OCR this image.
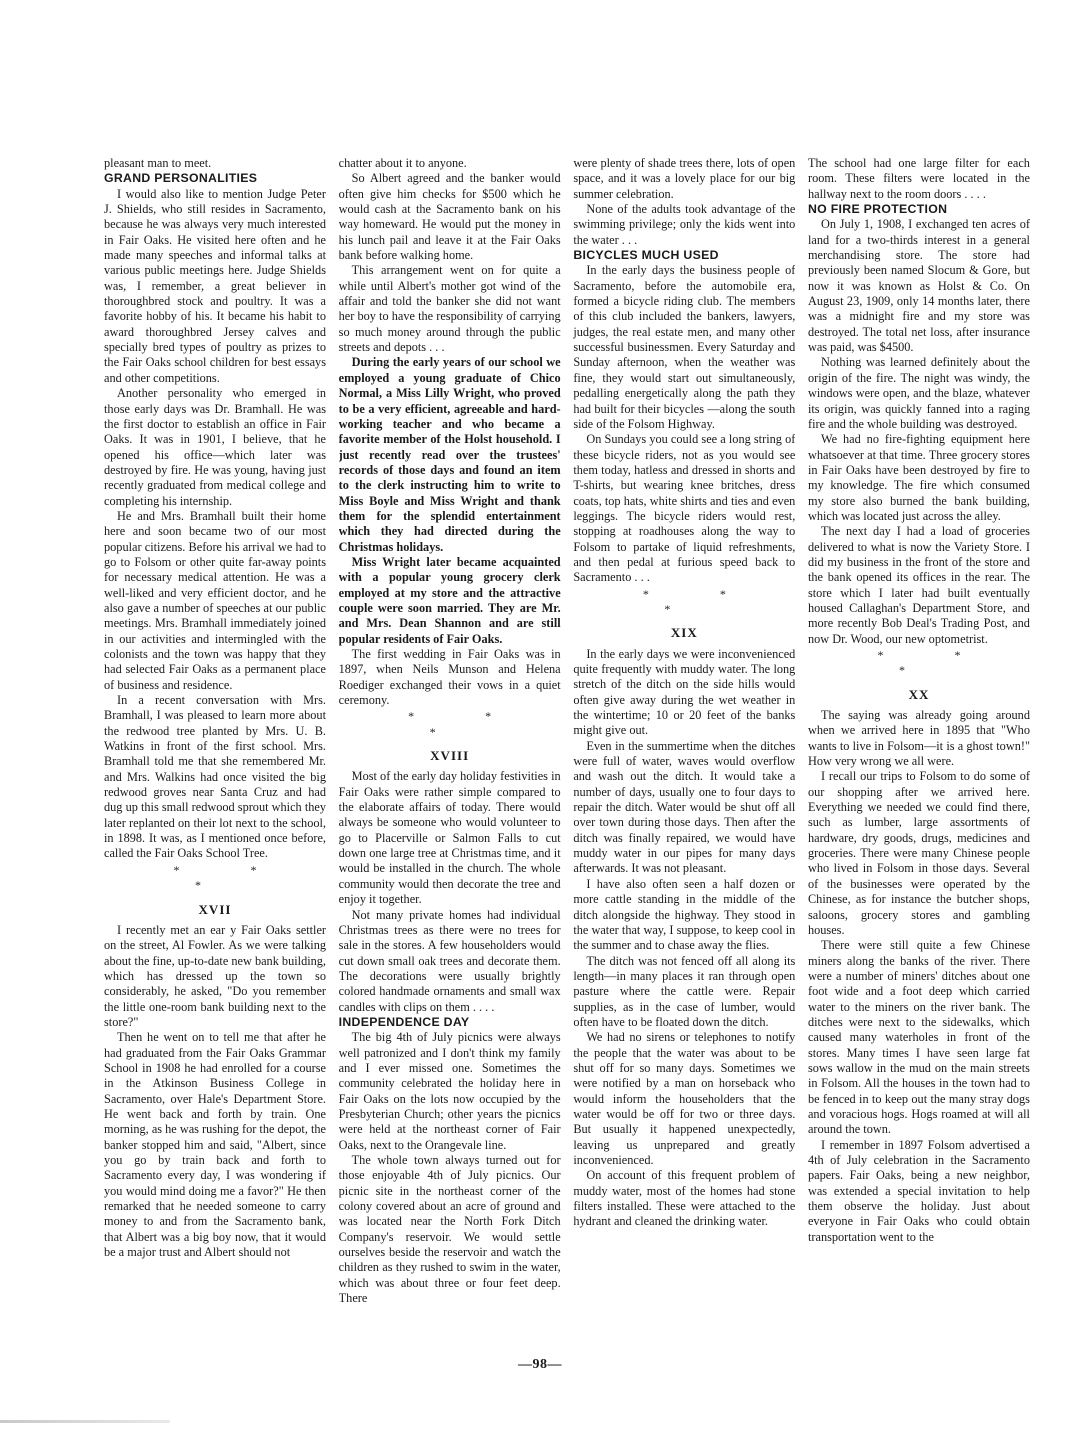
pleasant man to meet.

GRAND PERSONALITIES

I would also like to mention Judge Peter J. Shields, who still resides in Sacramento, because he was always very much interested in Fair Oaks. He visited here often and he made many speeches and informal talks at various public meetings here. Judge Shields was, I remember, a great believer in thoroughbred stock and poultry. It was a favorite hobby of his. It became his habit to award thoroughbred Jersey calves and specially bred types of poultry as prizes to the Fair Oaks school children for best essays and other competitions.

Another personality who emerged in those early days was Dr. Bramhall. He was the first doctor to establish an office in Fair Oaks. It was in 1901, I believe, that he opened his office—which later was destroyed by fire. He was young, having just recently graduated from medical college and completing his internship.

He and Mrs. Bramhall built their home here and soon became two of our most popular citizens. Before his arrival we had to go to Folsom or other quite far-away points for necessary medical attention. He was a well-liked and very efficient doctor, and he also gave a number of speeches at our public meetings. Mrs. Bramhall immediately joined in our activities and intermingled with the colonists and the town was happy that they had selected Fair Oaks as a permanent place of business and residence.

In a recent conversation with Mrs. Bramhall, I was pleased to learn more about the redwood tree planted by Mrs. U. B. Watkins in front of the first school. Mrs. Bramhall told me that she remembered Mr. and Mrs. Walkins had once visited the big redwood groves near Santa Cruz and had dug up this small redwood sprout which they later replanted on their lot next to the school, in 1898. It was, as I mentioned once before, called the Fair Oaks School Tree.

* * *
XVII

I recently met an ear y Fair Oaks settler on the street, Al Fowler. As we were talking about the fine, up-to-date new bank building, which has dressed up the town so considerably, he asked, "Do you remember the little one-room bank building next to the store?"

Then he went on to tell me that after he had graduated from the Fair Oaks Grammar School in 1908 he had enrolled for a course in the Atkinson Business College in Sacramento, over Hale's Department Store. He went back and forth by train. One morning, as he was rushing for the depot, the banker stopped him and said, "Albert, since you go by train back and forth to Sacramento every day, I was wondering if you would mind doing me a favor?" He then remarked that he needed someone to carry money to and from the Sacramento bank, that Albert was a big boy now, that it would be a major trust and Albert should not

chatter about it to anyone.

So Albert agreed and the banker would often give him checks for $500 which he would cash at the Sacramento bank on his way homeward. He would put the money in his lunch pail and leave it at the Fair Oaks bank before walking home.

This arrangement went on for quite a while until Albert's mother got wind of the affair and told the banker she did not want her boy to have the responsibility of carrying so much money around through the public streets and depots . . .

During the early years of our school we employed a young graduate of Chico Normal, a Miss Lilly Wright, who proved to be a very efficient, agreeable and hard-working teacher and who became a favorite member of the Holst household. I just recently read over the trustees' records of those days and found an item to the clerk instructing him to write to Miss Boyle and Miss Wright and thank them for the splendid entertainment which they had directed during the Christmas holidays.

Miss Wright later became acquainted with a popular young grocery clerk employed at my store and the attractive couple were soon married. They are Mr. and Mrs. Dean Shannon and are still popular residents of Fair Oaks.

The first wedding in Fair Oaks was in 1897, when Neils Munson and Helena Roediger exchanged their vows in a quiet ceremony.

* * *
XVIII

Most of the early day holiday festivities in Fair Oaks were rather simple compared to the elaborate affairs of today. There would always be someone who would volunteer to go to Placerville or Salmon Falls to cut down one large tree at Christmas time, and it would be installed in the church. The whole community would then decorate the tree and enjoy it together.

Not many private homes had individual Christmas trees as there were no trees for sale in the stores. A few householders would cut down small oak trees and decorate them. The decorations were usually brightly colored handmade ornaments and small wax candles with clips on them . . . .

INDEPENDENCE DAY

The big 4th of July picnics were always well patronized and I don't think my family and I ever missed one. Sometimes the community celebrated the holiday here in Fair Oaks on the lots now occupied by the Presbyterian Church; other years the picnics were held at the northeast corner of Fair Oaks, next to the Orangevale line.

The whole town always turned out for those enjoyable 4th of July picnics. Our picnic site in the northeast corner of the colony covered about an acre of ground and was located near the North Fork Ditch Company's reservoir. We would settle ourselves beside the reservoir and watch the children as they rushed to swim in the water, which was about three or four feet deep. There

were plenty of shade trees there, lots of open space, and it was a lovely place for our big summer celebration.

None of the adults took advantage of the swimming privilege; only the kids went into the water . . .

BICYCLES MUCH USED

In the early days the business people of Sacramento, before the automobile era, formed a bicycle riding club. The members of this club included the bankers, lawyers, judges, the real estate men, and many other successful businessmen. Every Saturday and Sunday afternoon, when the weather was fine, they would start out simultaneously, pedalling energetically along the path they had built for their bicycles —along the south side of the Folsom Highway.

On Sundays you could see a long string of these bicycle riders, not as you would see them today, hatless and dressed in shorts and T-shirts, but wearing knee britches, dress coats, top hats, white shirts and ties and even leggings. The bicycle riders would rest, stopping at roadhouses along the way to Folsom to partake of liquid refreshments, and then pedal at furious speed back to Sacramento . . .

* * *
XIX

In the early days we were inconvenienced quite frequently with muddy water. The long stretch of the ditch on the side hills would often give away during the wet weather in the wintertime; 10 or 20 feet of the banks might give out.

Even in the summertime when the ditches were full of water, waves would overflow and wash out the ditch. It would take a number of days, usually one to four days to repair the ditch. Water would be shut off all over town during those days. Then after the ditch was finally repaired, we would have muddy water in our pipes for many days afterwards. It was not pleasant.

I have also often seen a half dozen or more cattle standing in the middle of the ditch alongside the highway. They stood in the water that way, I suppose, to keep cool in the summer and to chase away the flies.

The ditch was not fenced off all along its length—in many places it ran through open pasture where the cattle were. Repair supplies, as in the case of lumber, would often have to be floated down the ditch.

We had no sirens or telephones to notify the people that the water was about to be shut off for so many days. Sometimes we were notified by a man on horseback who would inform the householders that the water would be off for two or three days. But usually it happened unexpectedly, leaving us unprepared and greatly inconvenienced.

On account of this frequent problem of muddy water, most of the homes had stone filters installed. These were attached to the hydrant and cleaned the drinking water.

The school had one large filter for each room. These filters were located in the hallway next to the room doors . . . .

NO FIRE PROTECTION

On July 1, 1908, I exchanged ten acres of land for a two-thirds interest in a general merchandising store. The store had previously been named Slocum & Gore, but now it was known as Holst & Co. On August 23, 1909, only 14 months later, there was a midnight fire and my store was destroyed. The total net loss, after insurance was paid, was $4500.

Nothing was learned definitely about the origin of the fire. The night was windy, the windows were open, and the blaze, whatever its origin, was quickly fanned into a raging fire and the whole building was destroyed.

We had no fire-fighting equipment here whatsoever at that time. Three grocery stores in Fair Oaks have been destroyed by fire to my knowledge. The fire which consumed my store also burned the bank building, which was located just across the alley.

The next day I had a load of groceries delivered to what is now the Variety Store. I did my business in the front of the store and the bank opened its offices in the rear. The store which I later had built eventually housed Callaghan's Department Store, and more recently Bob Deal's Trading Post, and now Dr. Wood, our new optometrist.

* * *
XX

The saying was already going around when we arrived here in 1895 that "Who wants to live in Folsom—it is a ghost town!" How very wrong we all were.

I recall our trips to Folsom to do some of our shopping after we arrived here. Everything we needed we could find there, such as lumber, large assortments of hardware, dry goods, drugs, medicines and groceries. There were many Chinese people who lived in Folsom in those days. Several of the businesses were operated by the Chinese, as for instance the butcher shops, saloons, grocery stores and gambling houses.

There were still quite a few Chinese miners along the banks of the river. There were a number of miners' ditches about one foot wide and a foot deep which carried water to the miners on the river bank. The ditches were next to the sidewalks, which caused many waterholes in front of the stores. Many times I have seen large fat sows wallow in the mud on the main streets in Folsom. All the houses in the town had to be fenced in to keep out the many stray dogs and voracious hogs. Hogs roamed at will all around the town.

I remember in 1897 Folsom advertised a 4th of July celebration in the Sacramento papers. Fair Oaks, being a new neighbor, was extended a special invitation to help them observe the holiday. Just about everyone in Fair Oaks who could obtain transportation went to the

—98—
